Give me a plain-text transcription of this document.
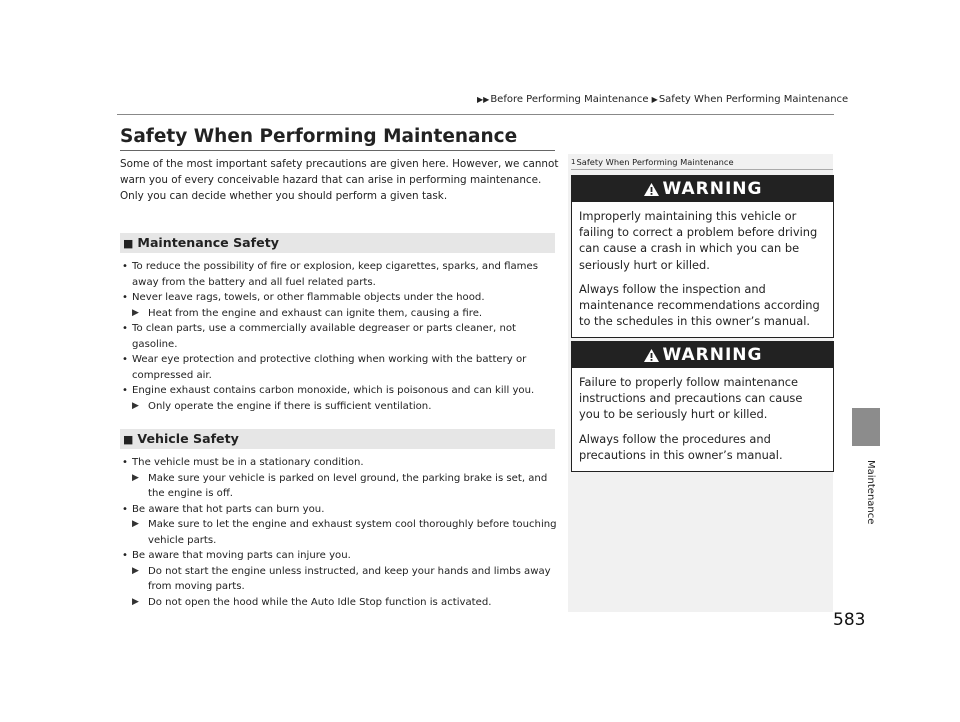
▶▶Before Performing Maintenance ▶Safety When Performing Maintenance
Maintenance
Safety When Performing Maintenance
Some of the most important safety precautions are given here. However, we cannot warn you of every conceivable hazard that can arise in performing maintenance. Only you can decide whether you should perform a given task.
■ Maintenance Safety
• To reduce the possibility of fire or explosion, keep cigarettes, sparks, and flames away from the battery and all fuel related parts.
• Never leave rags, towels, or other flammable objects under the hood.
▶ Heat from the engine and exhaust can ignite them, causing a fire.
• To clean parts, use a commercially available degreaser or parts cleaner, not gasoline.
• Wear eye protection and protective clothing when working with the battery or compressed air.
• Engine exhaust contains carbon monoxide, which is poisonous and can kill you.
▶ Only operate the engine if there is sufficient ventilation.
■ Vehicle Safety
• The vehicle must be in a stationary condition.
▶ Make sure your vehicle is parked on level ground, the parking brake is set, and the engine is off.
• Be aware that hot parts can burn you.
▶ Make sure to let the engine and exhaust system cool thoroughly before touching vehicle parts.
• Be aware that moving parts can injure you.
▶ Do not start the engine unless instructed, and keep your hands and limbs away from moving parts.
▶ Do not open the hood while the Auto Idle Stop function is activated.
1Safety When Performing Maintenance
WARNING

Improperly maintaining this vehicle or failing to correct a problem before driving can cause a crash in which you can be seriously hurt or killed.

Always follow the inspection and maintenance recommendations according to the schedules in this owner’s manual.

WARNING

Failure to properly follow maintenance instructions and precautions can cause you to be seriously hurt or killed.

Always follow the procedures and precautions in this owner’s manual.

583
